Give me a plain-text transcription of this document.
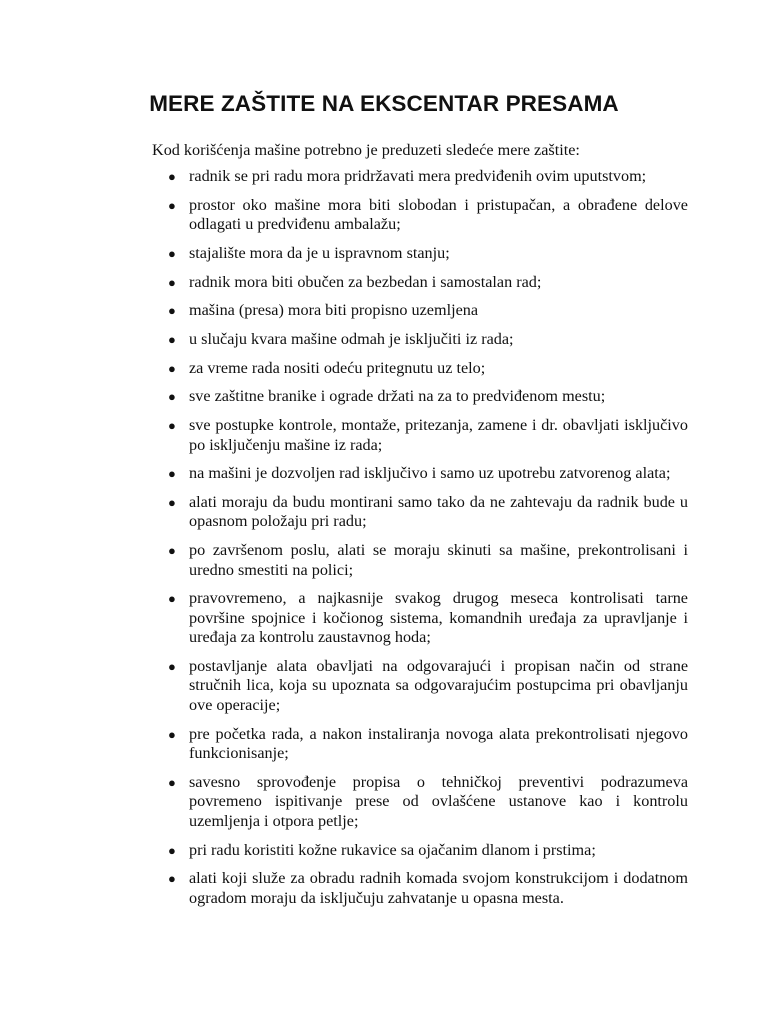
MERE ZAŠTITE NA EKSCENTAR PRESAMA

Kod korišćenja mašine potrebno je preduzeti sledeće mere zaštite:

● radnik se pri radu mora pridržavati mera predviđenih ovim uputstvom;
● prostor oko mašine mora biti slobodan i pristupačan, a obrađene delove odlagati u predviđenu ambalažu;
● stajalište mora da je u ispravnom stanju;
● radnik mora biti obučen za bezbedan i samostalan rad;
● mašina (presa) mora biti propisno uzemljena
● u slučaju kvara mašine odmah je isključiti iz rada;
● za vreme rada nositi odeću pritegnutu uz telo;
● sve zaštitne branike i ograde držati na za to predviđenom mestu;
● sve postupke kontrole, montaže, pritezanja, zamene i dr. obavljati isključivo po isključenju mašine iz rada;
● na mašini je dozvoljen rad isključivo i samo uz upotrebu zatvorenog alata;
● alati moraju da budu montirani samo tako da ne zahtevaju da radnik bude u opasnom položaju pri radu;
● po završenom poslu, alati se moraju skinuti sa mašine, prekontrolisani i uredno smestiti na polici;
● pravovremeno, a najkasnije svakog drugog meseca kontrolisati tarne površine spojnice i kočionog sistema, komandnih uređaja za upravljanje i uređaja za kontrolu zaustavnog hoda;
● postavljanje alata obavljati na odgovarajući i propisan način od strane stručnih lica, koja su upoznata sa odgovarajućim postupcima pri obavljanju ove operacije;
● pre početka rada, a nakon instaliranja novoga alata prekontrolisati njegovo funkcionisanje;
● savesno sprovođenje propisa o tehničkoj preventivi podrazumeva povremeno ispitivanje prese od ovlašćene ustanove kao i kontrolu uzemljenja i otpora petlje;
● pri radu koristiti kožne rukavice sa ojačanim dlanom i prstima;
● alati koji služe za obradu radnih komada svojom konstrukcijom i dodatnom ogradom moraju da isključuju zahvatanje u opasna mesta.
